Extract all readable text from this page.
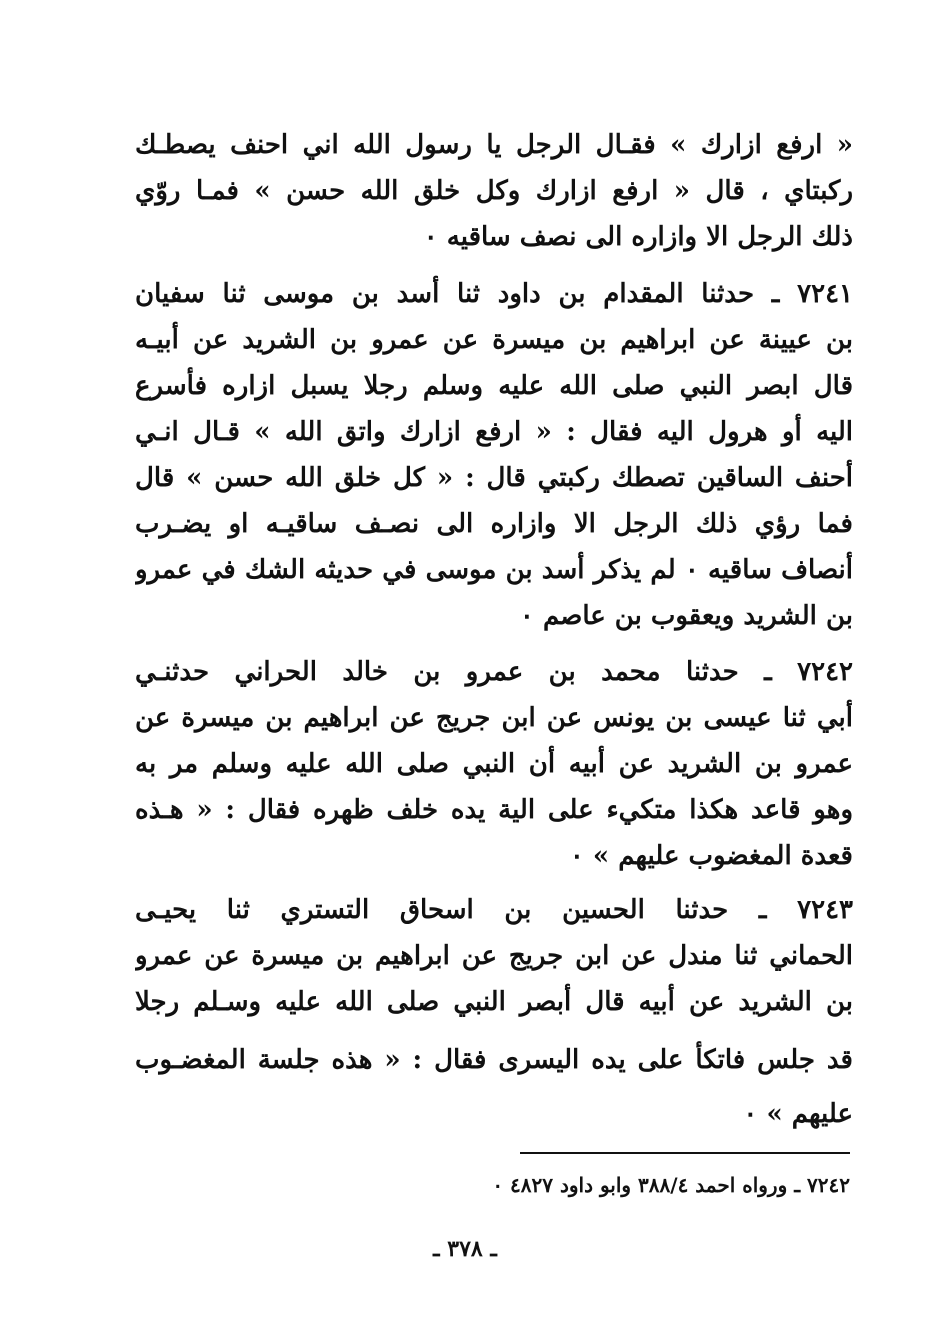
« ارفع ازارك » فقـال الرجل يا رسول الله اني احنف يصطـك
ركبتاي ، قال « ارفع ازارك وكل خلق الله حسن » فمـا روّي
ذلك الرجل الا وازاره الى نصف ساقيه ٠
٧٢٤١ ـ حدثنا المقدام بن داود ثنا أسد بن موسى ثنا سفيان
بن عيينة عن ابراهيم بن ميسرة عن عمرو بن الشريد عن أبيـه
قال ابصر النبي صلى الله عليه وسلم رجلا يسبل ازاره فأسرع
اليه أو هرول اليه فقال : « ارفع ازارك واتق الله » قـال انـي
أحنف الساقين تصطك ركبتي قال : « كل خلق الله حسن » قال
فما رؤي ذلك الرجل الا وازاره الى نصـف ساقيـه او يضـرب
أنصاف ساقيه ٠ لم يذكر أسد بن موسى في حديثه الشك في عمرو
بن الشريد ويعقوب بن عاصم ٠
٧٢٤٢ ـ حدثنا محمد بن عمرو بن خالد الحراني حدثنـي
أبي ثنا عيسى بن يونس عن ابن جريج عن ابراهيم بن ميسرة عن
عمرو بن الشريد عن أبيه أن النبي صلى الله عليه وسلم مر به
وهو قاعد هكذا متكيء على الية يده خلف ظهره فقال : « هـذه
قعدة المغضوب عليهم » ٠
٧٢٤٣ ـ حدثنا الحسين بن اسحاق التستري ثنا يحيـى
الحماني ثنا مندل عن ابن جريج عن ابراهيم بن ميسرة عن عمرو
بن الشريد عن أبيه قال أبصر النبي صلى الله عليه وسـلم رجلا
قد جلس فاتكأ على يده اليسرى فقال : « هذه جلسة المغضـوب
عليهم » ٠
٧٢٤٢ ـ ورواه احمد ٣٨٨/٤ وابو داود ٤٨٢٧ ٠
ـ ٣٧٨ ـ
